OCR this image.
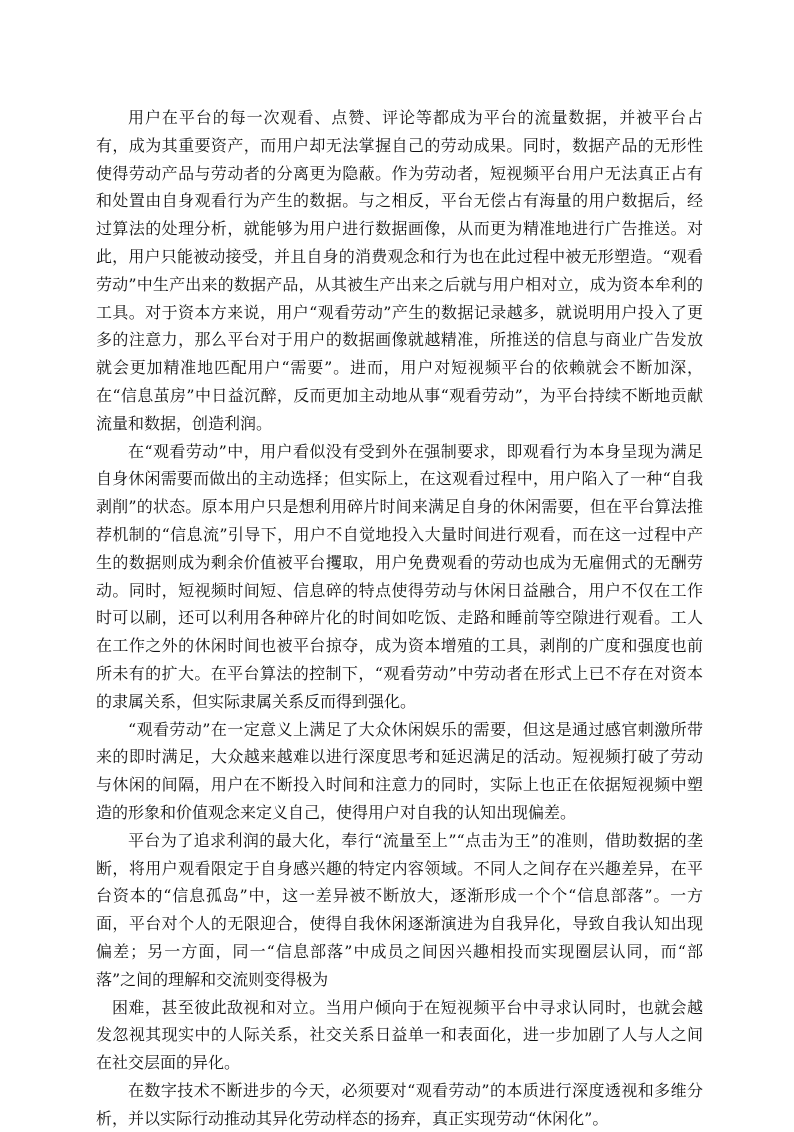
用户在平台的每一次观看、点赞、评论等都成为平台的流量数据，并被平台占有，成为其重要资产，而用户却无法掌握自己的劳动成果。同时，数据产品的无形性使得劳动产品与劳动者的分离更为隐蔽。作为劳动者，短视频平台用户无法真正占有和处置由自身观看行为产生的数据。与之相反，平台无偿占有海量的用户数据后，经过算法的处理分析，就能够为用户进行数据画像，从而更为精准地进行广告推送。对此，用户只能被动接受，并且自身的消费观念和行为也在此过程中被无形塑造。“观看劳动”中生产出来的数据产品，从其被生产出来之后就与用户相对立，成为资本牟利的工具。对于资本方来说，用户“观看劳动”产生的数据记录越多，就说明用户投入了更多的注意力，那么平台对于用户的数据画像就越精准，所推送的信息与商业广告发放就会更加精准地匹配用户“需要”。进而，用户对短视频平台的依赖就会不断加深，在“信息茧房”中日益沉醉，反而更加主动地从事“观看劳动”，为平台持续不断地贡献流量和数据，创造利润。

在“观看劳动”中，用户看似没有受到外在强制要求，即观看行为本身呈现为满足自身休闲需要而做出的主动选择；但实际上，在这观看过程中，用户陷入了一种“自我剥削”的状态。原本用户只是想利用碎片时间来满足自身的休闲需要，但在平台算法推荐机制的“信息流”引导下，用户不自觉地投入大量时间进行观看，而在这一过程中产生的数据则成为剩余价值被平台攫取，用户免费观看的劳动也成为无雇佣式的无酬劳动。同时，短视频时间短、信息碎的特点使得劳动与休闲日益融合，用户不仅在工作时可以刷，还可以利用各种碎片化的时间如吃饭、走路和睡前等空隙进行观看。工人在工作之外的休闲时间也被平台掠夺，成为资本增殖的工具，剥削的广度和强度也前所未有的扩大。在平台算法的控制下，“观看劳动”中劳动者在形式上已不存在对资本的隶属关系，但实际隶属关系反而得到强化。

“观看劳动”在一定意义上满足了大众休闲娱乐的需要，但这是通过感官刺激所带来的即时满足，大众越来越难以进行深度思考和延迟满足的活动。短视频打破了劳动与休闲的间隔，用户在不断投入时间和注意力的同时，实际上也正在依据短视频中塑造的形象和价值观念来定义自己，使得用户对自我的认知出现偏差。

平台为了追求利润的最大化，奉行“流量至上”“点击为王”的准则，借助数据的垄断，将用户观看限定于自身感兴趣的特定内容领域。不同人之间存在兴趣差异，在平台资本的“信息孤岛”中，这一差异被不断放大，逐渐形成一个个“信息部落”。一方面，平台对个人的无限迎合，使得自我休闲逐渐演进为自我异化，导致自我认知出现偏差；另一方面，同一“信息部落”中成员之间因兴趣相投而实现圈层认同，而“部落”之间的理解和交流则变得极为

困难，甚至彼此敌视和对立。当用户倾向于在短视频平台中寻求认同时，也就会越发忽视其现实中的人际关系，社交关系日益单一和表面化，进一步加剧了人与人之间在社交层面的异化。

在数字技术不断进步的今天，必须要对“观看劳动”的本质进行深度透视和多维分析，并以实际行动推动其异化劳动样态的扬弃，真正实现劳动“休闲化”。
